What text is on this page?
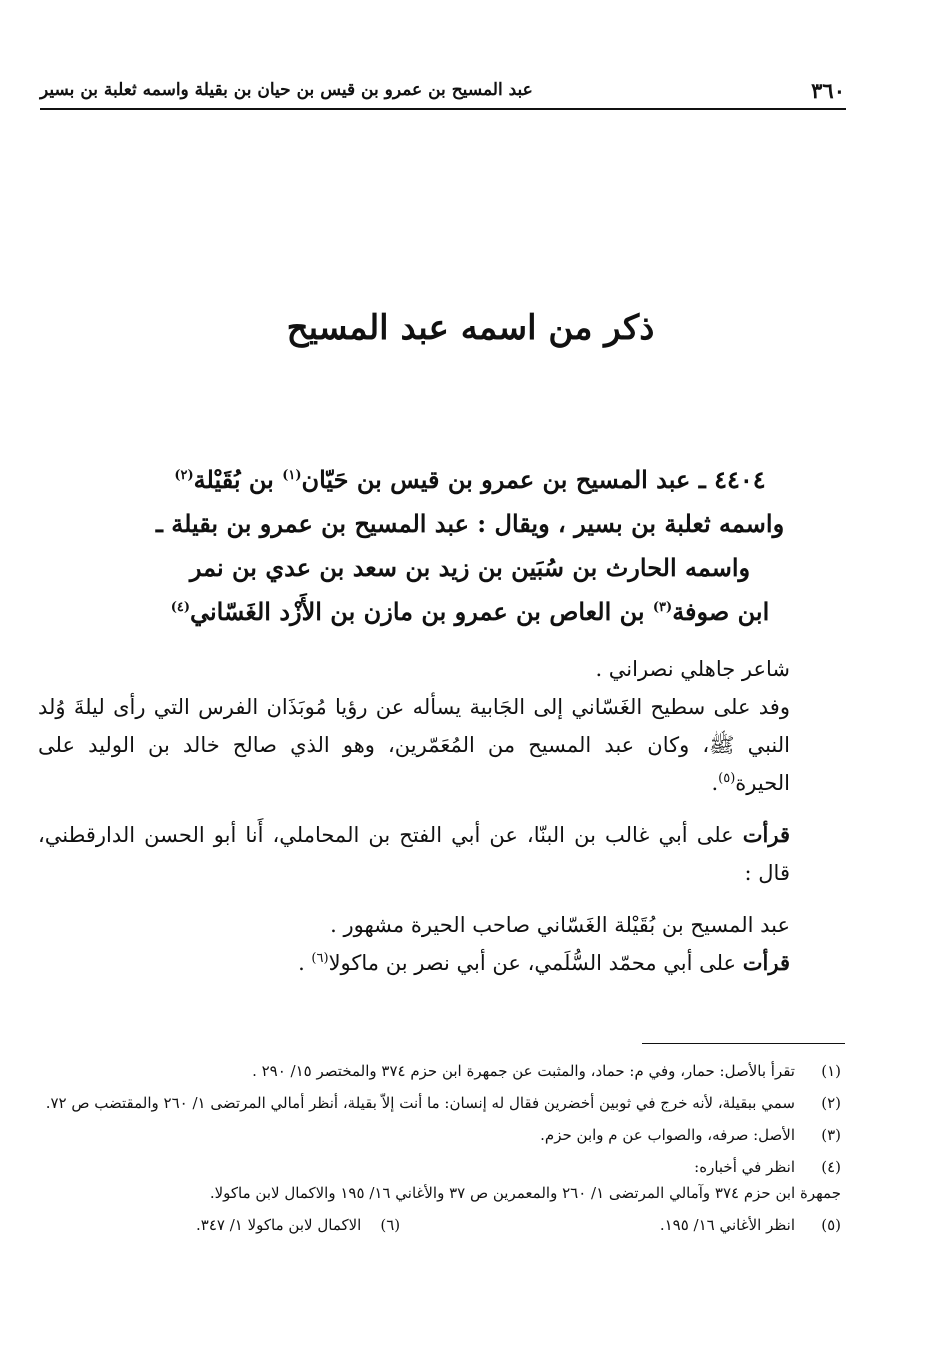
٣٦٠
عبد المسيح بن عمرو بن قيس بن حيان بن بقيلة واسمه ثعلبة بن بسير
ذكر من اسمه عبد المسيح
٤٤٠٤ ـ عبد المسيح بن عمرو بن قيس بن حَيّان$^{(١)}$ بن بُقَيْلة$^{(٢)}$
واسمه ثعلبة بن بسير ، ويقال : عبد المسيح بن عمرو بن بقيلة ـ
واسمه الحارث بن سُبَين بن زيد بن سعد بن عدي بن نمر
ابن صوفة$^{(٣)}$ بن العاص بن عمرو بن مازن بن الأَزْد الغَسّاني$^{(٤)}$

شاعر جاهلي نصراني .

وفد على سطيح الغَسّاني إلى الجَابية يسأله عن رؤيا مُوبَذَان الفرس التي رأى ليلةَ وُلد النبي ﷺ، وكان عبد المسيح من المُعَمّرين، وهو الذي صالح خالد بن الوليد على الحيرة$^{(٥)}$.

قرأت على أبي غالب بن البنّا، عن أبي الفتح بن المحاملي، أَنا أبو الحسن الدارقطني، قال :

عبد المسيح بن بُقَيْلة الغَسّاني صاحب الحيرة مشهور .

قرأت على أبي محمّد السُّلَمي، عن أبي نصر بن ماكولا$^{(٦)}$ .

(١)
تقرأ بالأصل: حمار، وفي م: حماد، والمثبت عن جمهرة ابن حزم ٣٧٤ والمختصر ١٥/ ٢٩٠ .
(٢)
سمي ببقيلة، لأنه خرج في ثوبين أخضرين فقال له إنسان: ما أنت إلاّ بقيلة، أنظر أمالي المرتضى ١/ ٢٦٠ والمقتضب ص ٧٢.
(٣)
الأصل: صرفه، والصواب عن م وابن حزم.
(٤)
انظر في أخباره:
جمهرة ابن حزم ٣٧٤ وآمالي المرتضى ١/ ٢٦٠ والمعمرين ص ٣٧ والأغاني ١٦/ ١٩٥ والاكمال لابن ماكولا.
(٥)
انظر الأغاني ١٦/ ١٩٥.
(٦) الاكمال لابن ماكولا ١/ ٣٤٧.
